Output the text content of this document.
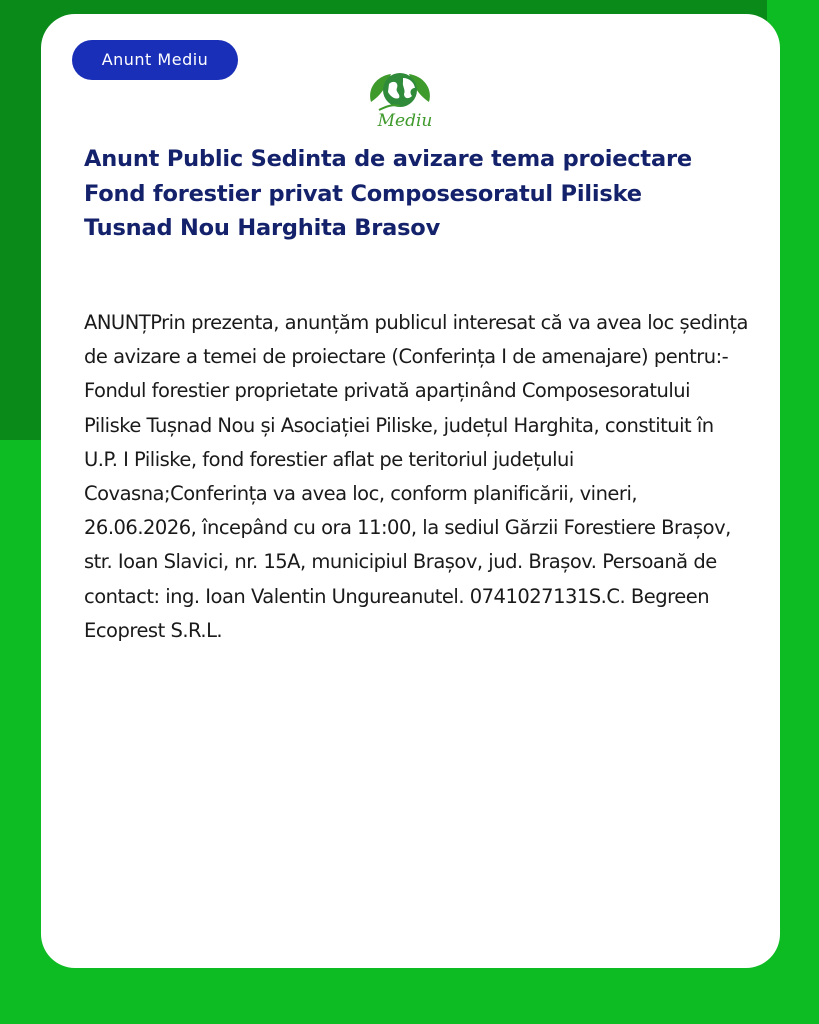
Anunt Mediu
Mediu
Anunt Public Sedinta de avizare tema proiectare Fond forestier privat Composesoratul Piliske Tusnad Nou Harghita Brasov

ANUNȚPrin prezenta, anunțăm publicul interesat că va avea loc ședința de avizare a temei de proiectare (Conferința I de amenajare) pentru:- Fondul forestier proprietate privată aparținând Composesoratului Piliske Tușnad Nou și Asociației Piliske, județul Harghita, constituit în U.P. I Piliske, fond forestier aflat pe teritoriul județului Covasna;Conferința va avea loc, conform planificării, vineri, 26.06.2026, începând cu ora 11:00, la sediul Gărzii Forestiere Brașov, str. Ioan Slavici, nr. 15A, municipiul Brașov, jud. Brașov. Persoană de contact: ing. Ioan Valentin Ungureanutel. 0741027131S.C. Begreen Ecoprest S.R.L.
